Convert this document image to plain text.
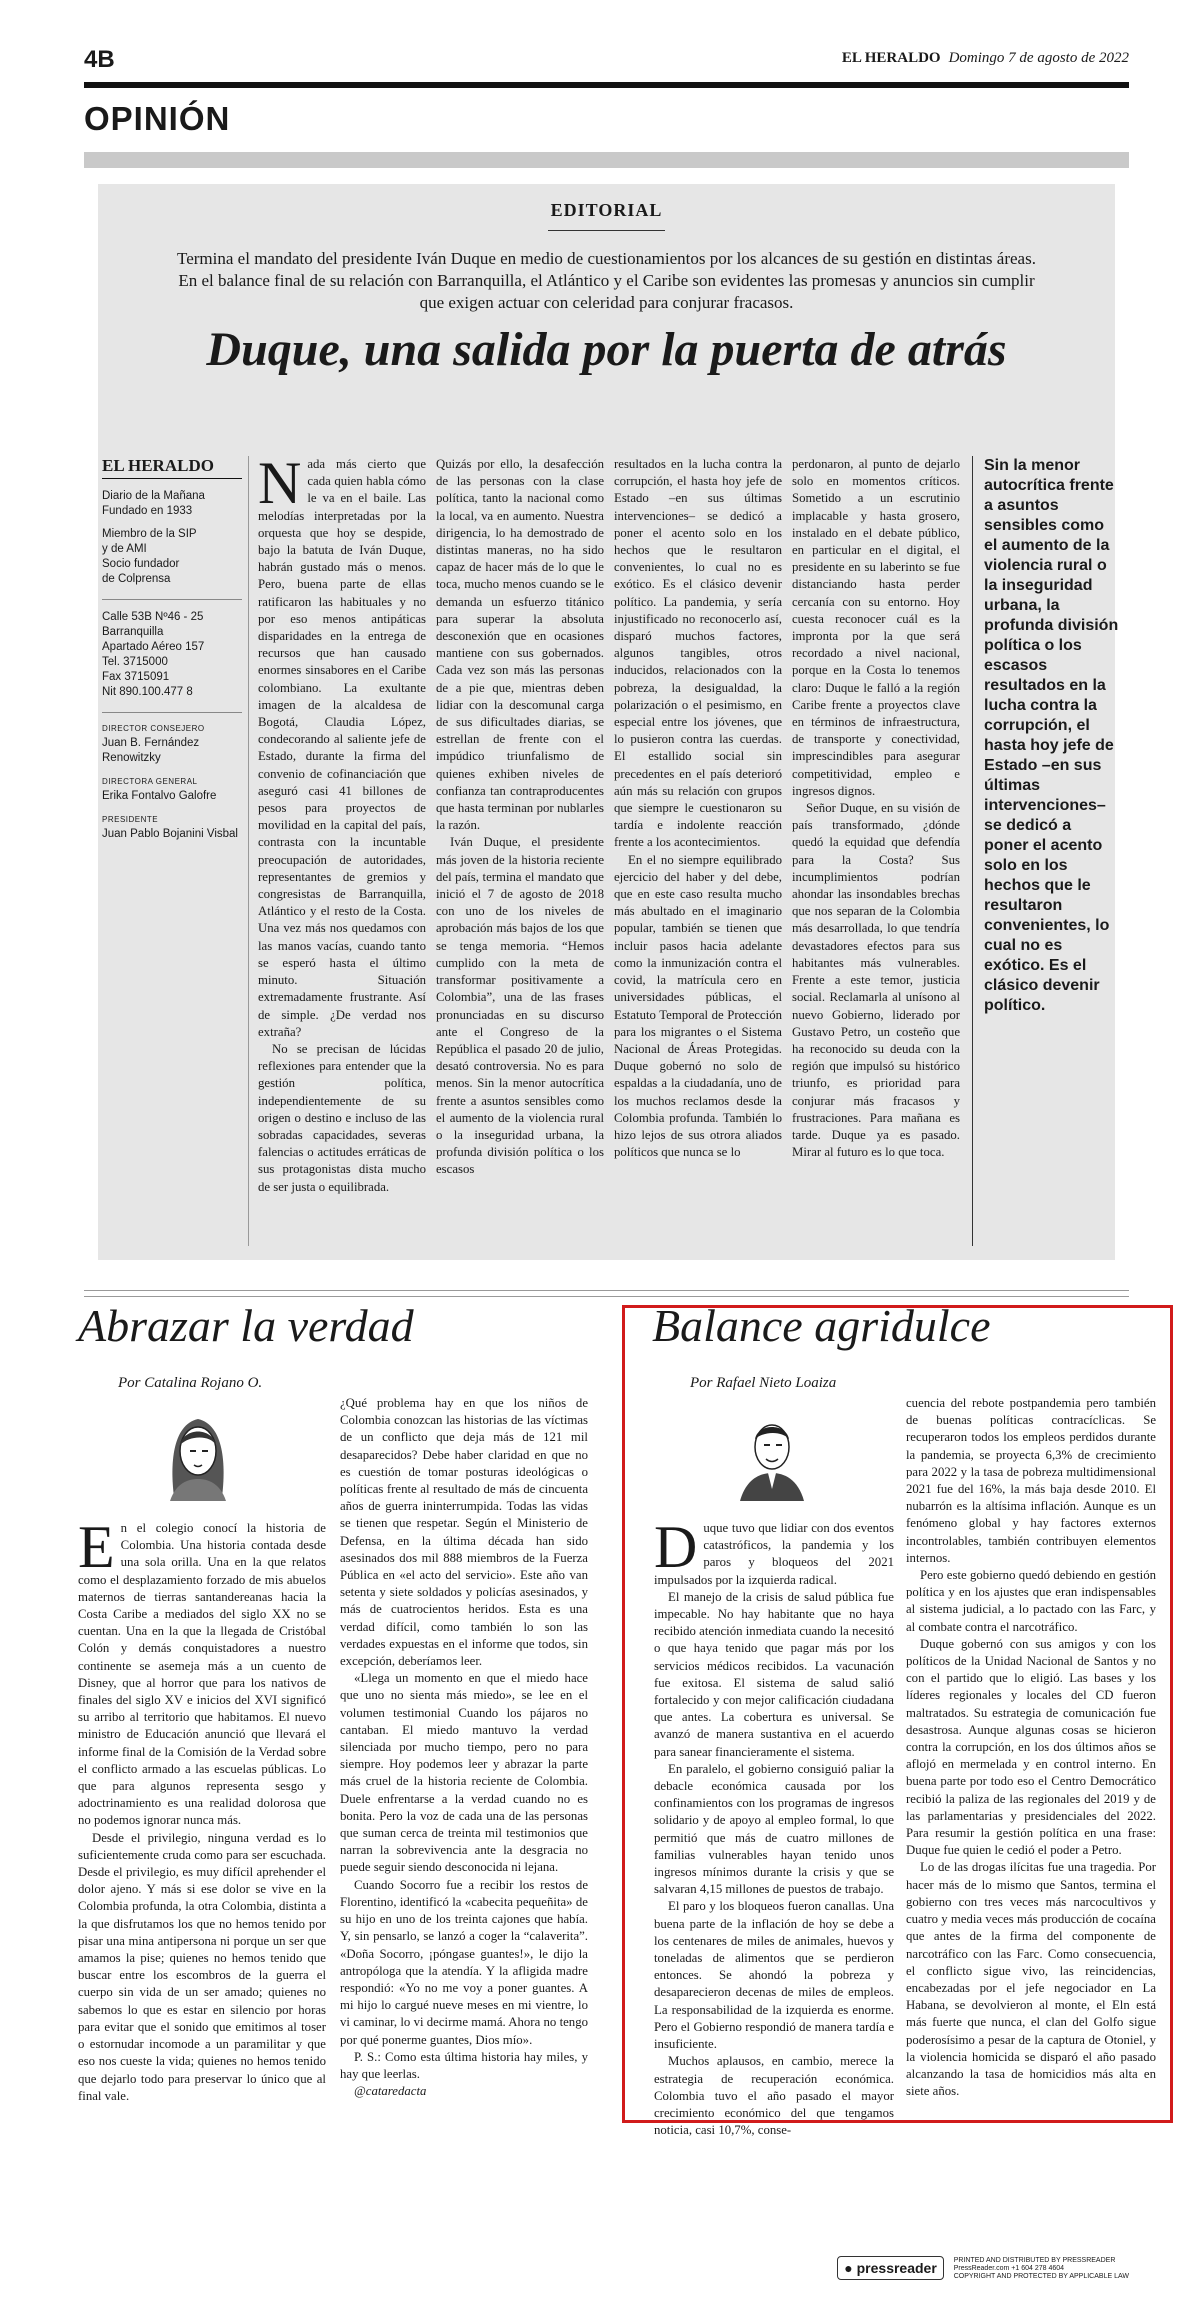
4B	EL HERALDO Domingo 7 de agosto de 2022
OPINIÓN
EDITORIAL
Termina el mandato del presidente Iván Duque en medio de cuestionamientos por los alcances de su gestión en distintas áreas. En el balance final de su relación con Barranquilla, el Atlántico y el Caribe son evidentes las promesas y anuncios sin cumplir que exigen actuar con celeridad para conjurar fracasos.
Duque, una salida por la puerta de atrás
EL HERALDO
Diario de la Mañana
Fundado en 1933
Miembro de la SIP
y de AMI
Socio fundador
de Colprensa
Calle 53B Nº46 - 25
Barranquilla
Apartado Aéreo 157
Tel. 3715000
Fax 3715091
Nit 890.100.477 8
DIRECTOR CONSEJERO
Juan B. Fernández Renowitzky
DIRECTORA GENERAL
Erika Fontalvo Galofre
PRESIDENTE
Juan Pablo Bojanini Visbal

Nada más cierto que cada quien habla cómo le va en el baile. Las melodías interpretadas por la orquesta que hoy se despide, bajo la batuta de Iván Duque, habrán gustado más o menos. Pero, buena parte de ellas ratificaron las habituales y no por eso menos antipáticas disparidades en la entrega de recursos que han causado enormes sinsabores en el Caribe colombiano. La exultante imagen de la alcaldesa de Bogotá, Claudia López, condecorando al saliente jefe de Estado, durante la firma del convenio de cofinanciación que aseguró casi 41 billones de pesos para proyectos de movilidad en la capital del país, contrasta con la incuntable preocupación de autoridades, representantes de gremios y congresistas de Barranquilla, Atlántico y el resto de la Costa. Una vez más nos quedamos con las manos vacías, cuando tanto se esperó hasta el último minuto. Situación extremadamente frustrante. Así de simple. ¿De verdad nos extraña?

No se precisan de lúcidas reflexiones para entender que la gestión política, independientemente de su origen o destino e incluso de las sobradas capacidades, severas falencias o actitudes erráticas de sus protagonistas dista mucho de ser justa o equilibrada.

Quizás por ello, la desafección de las personas con la clase política, tanto la nacional como la local, va en aumento. Nuestra dirigencia, lo ha demostrado de distintas maneras, no ha sido capaz de hacer más de lo que le toca, mucho menos cuando se le demanda un esfuerzo titánico para superar la absoluta desconexión que en ocasiones mantiene con sus gobernados. Cada vez son más las personas de a pie que, mientras deben lidiar con la descomunal carga de sus dificultades diarias, se estrellan de frente con el impúdico triunfalismo de quienes exhiben niveles de confianza tan contraproducentes que hasta terminan por nublarles la razón.

Iván Duque, el presidente más joven de la historia reciente del país, termina el mandato que inició el 7 de agosto de 2018 con uno de los niveles de aprobación más bajos de los que se tenga memoria. “Hemos cumplido con la meta de transformar positivamente a Colombia”, una de las frases pronunciadas en su discurso ante el Congreso de la República el pasado 20 de julio, desató controversia. No es para menos. Sin la menor autocrítica frente a asuntos sensibles como el aumento de la violencia rural o la inseguridad urbana, la profunda división política o los escasos

resultados en la lucha contra la corrupción, el hasta hoy jefe de Estado –en sus últimas intervenciones– se dedicó a poner el acento solo en los hechos que le resultaron convenientes, lo cual no es exótico. Es el clásico devenir político. La pandemia, y sería injustificado no reconocerlo así, disparó muchos factores, algunos tangibles, otros inducidos, relacionados con la pobreza, la desigualdad, la polarización o el pesimismo, en especial entre los jóvenes, que lo pusieron contra las cuerdas. El estallido social sin precedentes en el país deterioró aún más su relación con grupos que siempre le cuestionaron su tardía e indolente reacción frente a los acontecimientos.

En el no siempre equilibrado ejercicio del haber y del debe, que en este caso resulta mucho más abultado en el imaginario popular, también se tienen que incluir pasos hacia adelante como la inmunización contra el covid, la matrícula cero en universidades públicas, el Estatuto Temporal de Protección para los migrantes o el Sistema Nacional de Áreas Protegidas. Duque gobernó no solo de espaldas a la ciudadanía, uno de los muchos reclamos desde la Colombia profunda. También lo hizo lejos de sus otrora aliados políticos que nunca se lo

perdonaron, al punto de dejarlo solo en momentos críticos. Sometido a un escrutinio implacable y hasta grosero, instalado en el debate público, en particular en el digital, el presidente en su laberinto se fue distanciando hasta perder cercanía con su entorno. Hoy cuesta reconocer cuál es la impronta por la que será recordado a nivel nacional, porque en la Costa lo tenemos claro: Duque le falló a la región Caribe frente a proyectos clave en términos de infraestructura, de transporte y conectividad, imprescindibles para asegurar competitividad, empleo e ingresos dignos.

Señor Duque, en su visión de país transformado, ¿dónde quedó la equidad que defendía para la Costa? Sus incumplimientos podrían ahondar las insondables brechas que nos separan de la Colombia más desarrollada, lo que tendría devastadores efectos para sus habitantes más vulnerables. Frente a este temor, justicia social. Reclamarla al unísono al nuevo Gobierno, liderado por Gustavo Petro, un costeño que ha reconocido su deuda con la región que impulsó su histórico triunfo, es prioridad para conjurar más fracasos y frustraciones. Para mañana es tarde. Duque ya es pasado. Mirar al futuro es lo que toca.

Sin la menor autocrítica frente a asuntos sensibles como el aumento de la violencia rural o la inseguridad urbana, la profunda división política o los escasos resultados en la lucha contra la corrupción, el hasta hoy jefe de Estado –en sus últimas intervenciones– se dedicó a poner el acento solo en los hechos que le resultaron convenientes, lo cual no es exótico. Es el clásico devenir político.
Abrazar la verdad
Por Catalina Rojano O.

En el colegio conocí la historia de Colombia. Una historia contada desde una sola orilla. Una en la que relatos como el desplazamiento forzado de mis abuelos maternos de tierras santandereanas hacia la Costa Caribe a mediados del siglo XX no se cuentan. Una en la que la llegada de Cristóbal Colón y demás conquistadores a nuestro continente se asemeja más a un cuento de Disney, que al horror que para los nativos de finales del siglo XV e inicios del XVI significó su arribo al territorio que habitamos. El nuevo ministro de Educación anunció que llevará el informe final de la Comisión de la Verdad sobre el conflicto armado a las escuelas públicas. Lo que para algunos representa sesgo y adoctrinamiento es una realidad dolorosa que no podemos ignorar nunca más.

Desde el privilegio, ninguna verdad es lo suficientemente cruda como para ser escuchada. Desde el privilegio, es muy difícil aprehender el dolor ajeno. Y más si ese dolor se vive en la Colombia profunda, la otra Colombia, distinta a la que disfrutamos los que no hemos tenido por pisar una mina antipersona ni porque un ser que amamos la pise; quienes no hemos tenido que buscar entre los escombros de la guerra el cuerpo sin vida de un ser amado; quienes no sabemos lo que es estar en silencio por horas para evitar que el sonido que emitimos al toser o estornudar incomode a un paramilitar y que eso nos cueste la vida; quienes no hemos tenido que dejarlo todo para preservar lo único que al final vale.

¿Qué problema hay en que los niños de Colombia conozcan las historias de las víctimas de un conflicto que deja más de 121 mil desaparecidos? Debe haber claridad en que no es cuestión de tomar posturas ideológicas o políticas frente al resultado de más de cincuenta años de guerra ininterrumpida. Todas las vidas se tienen que respetar. Según el Ministerio de Defensa, en la última década han sido asesinados dos mil 888 miembros de la Fuerza Pública en «el acto del servicio». Este año van setenta y siete soldados y policías asesinados, y más de cuatrocientos heridos. Esta es una verdad difícil, como también lo son las verdades expuestas en el informe que todos, sin excepción, deberíamos leer.

«Llega un momento en que el miedo hace que uno no sienta más miedo», se lee en el volumen testimonial Cuando los pájaros no cantaban. El miedo mantuvo la verdad silenciada por mucho tiempo, pero no para siempre. Hoy podemos leer y abrazar la parte más cruel de la historia reciente de Colombia. Duele enfrentarse a la verdad cuando no es bonita. Pero la voz de cada una de las personas que suman cerca de treinta mil testimonios que narran la sobrevivencia ante la desgracia no puede seguir siendo desconocida ni lejana.

Cuando Socorro fue a recibir los restos de Florentino, identificó la «cabecita pequeñita» de su hijo en uno de los treinta cajones que había. Y, sin pensarlo, se lanzó a coger la “calaverita”. «Doña Socorro, ¡póngase guantes!», le dijo la antropóloga que la atendía. Y la afligida madre respondió: «Yo no me voy a poner guantes. A mi hijo lo cargué nueve meses en mi vientre, lo vi caminar, lo vi decirme mamá. Ahora no tengo por qué ponerme guantes, Dios mío».

P. S.: Como esta última historia hay miles, y hay que leerlas.

@cataredacta

Balance agridulce
Por Rafael Nieto Loaiza

Duque tuvo que lidiar con dos eventos catastróficos, la pandemia y los paros y bloqueos del 2021 impulsados por la izquierda radical.

El manejo de la crisis de salud pública fue impecable. No hay habitante que no haya recibido atención inmediata cuando la necesitó o que haya tenido que pagar más por los servicios médicos recibidos. La vacunación fue exitosa. El sistema de salud salió fortalecido y con mejor calificación ciudadana que antes. La cobertura es universal. Se avanzó de manera sustantiva en el acuerdo para sanear financieramente el sistema.

En paralelo, el gobierno consiguió paliar la debacle económica causada por los confinamientos con los programas de ingresos solidario y de apoyo al empleo formal, lo que permitió que más de cuatro millones de familias vulnerables hayan tenido unos ingresos mínimos durante la crisis y que se salvaran 4,15 millones de puestos de trabajo.

El paro y los bloqueos fueron canallas. Una buena parte de la inflación de hoy se debe a los centenares de miles de animales, huevos y toneladas de alimentos que se perdieron entonces. Se ahondó la pobreza y desaparecieron decenas de miles de empleos. La responsabilidad de la izquierda es enorme. Pero el Gobierno respondió de manera tardía e insuficiente.

Muchos aplausos, en cambio, merece la estrategia de recuperación económica. Colombia tuvo el año pasado el mayor crecimiento económico del que tengamos noticia, casi 10,7%, conse-

cuencia del rebote postpandemia pero también de buenas políticas contracíclicas. Se recuperaron todos los empleos perdidos durante la pandemia, se proyecta 6,3% de crecimiento para 2022 y la tasa de pobreza multidimensional 2021 fue del 16%, la más baja desde 2010. El nubarrón es la altísima inflación. Aunque es un fenómeno global y hay factores externos incontrolables, también contribuyen elementos internos.

Pero este gobierno quedó debiendo en gestión política y en los ajustes que eran indispensables al sistema judicial, a lo pactado con las Farc, y al combate contra el narcotráfico.

Duque gobernó con sus amigos y con los políticos de la Unidad Nacional de Santos y no con el partido que lo eligió. Las bases y los líderes regionales y locales del CD fueron maltratados. Su estrategia de comunicación fue desastrosa. Aunque algunas cosas se hicieron contra la corrupción, en los dos últimos años se aflojó en mermelada y en control interno. En buena parte por todo eso el Centro Democrático recibió la paliza de las regionales del 2019 y de las parlamentarias y presidenciales del 2022. Para resumir la gestión política en una frase: Duque fue quien le cedió el poder a Petro.

Lo de las drogas ilícitas fue una tragedia. Por hacer más de lo mismo que Santos, termina el gobierno con tres veces más narcocultivos y cuatro y media veces más producción de cocaína que antes de la firma del componente de narcotráfico con las Farc. Como consecuencia, el conflicto sigue vivo, las reincidencias, encabezadas por el jefe negociador en La Habana, se devolvieron al monte, el Eln está más fuerte que nunca, el clan del Golfo sigue poderosísimo a pesar de la captura de Otoniel, y la violencia homicida se disparó el año pasado alcanzando la tasa de homicidios más alta en siete años.

● pressreader PRINTED AND DISTRIBUTED BY PRESSREADER
PressReader.com +1 604 278 4604
COPYRIGHT AND PROTECTED BY APPLICABLE LAW
